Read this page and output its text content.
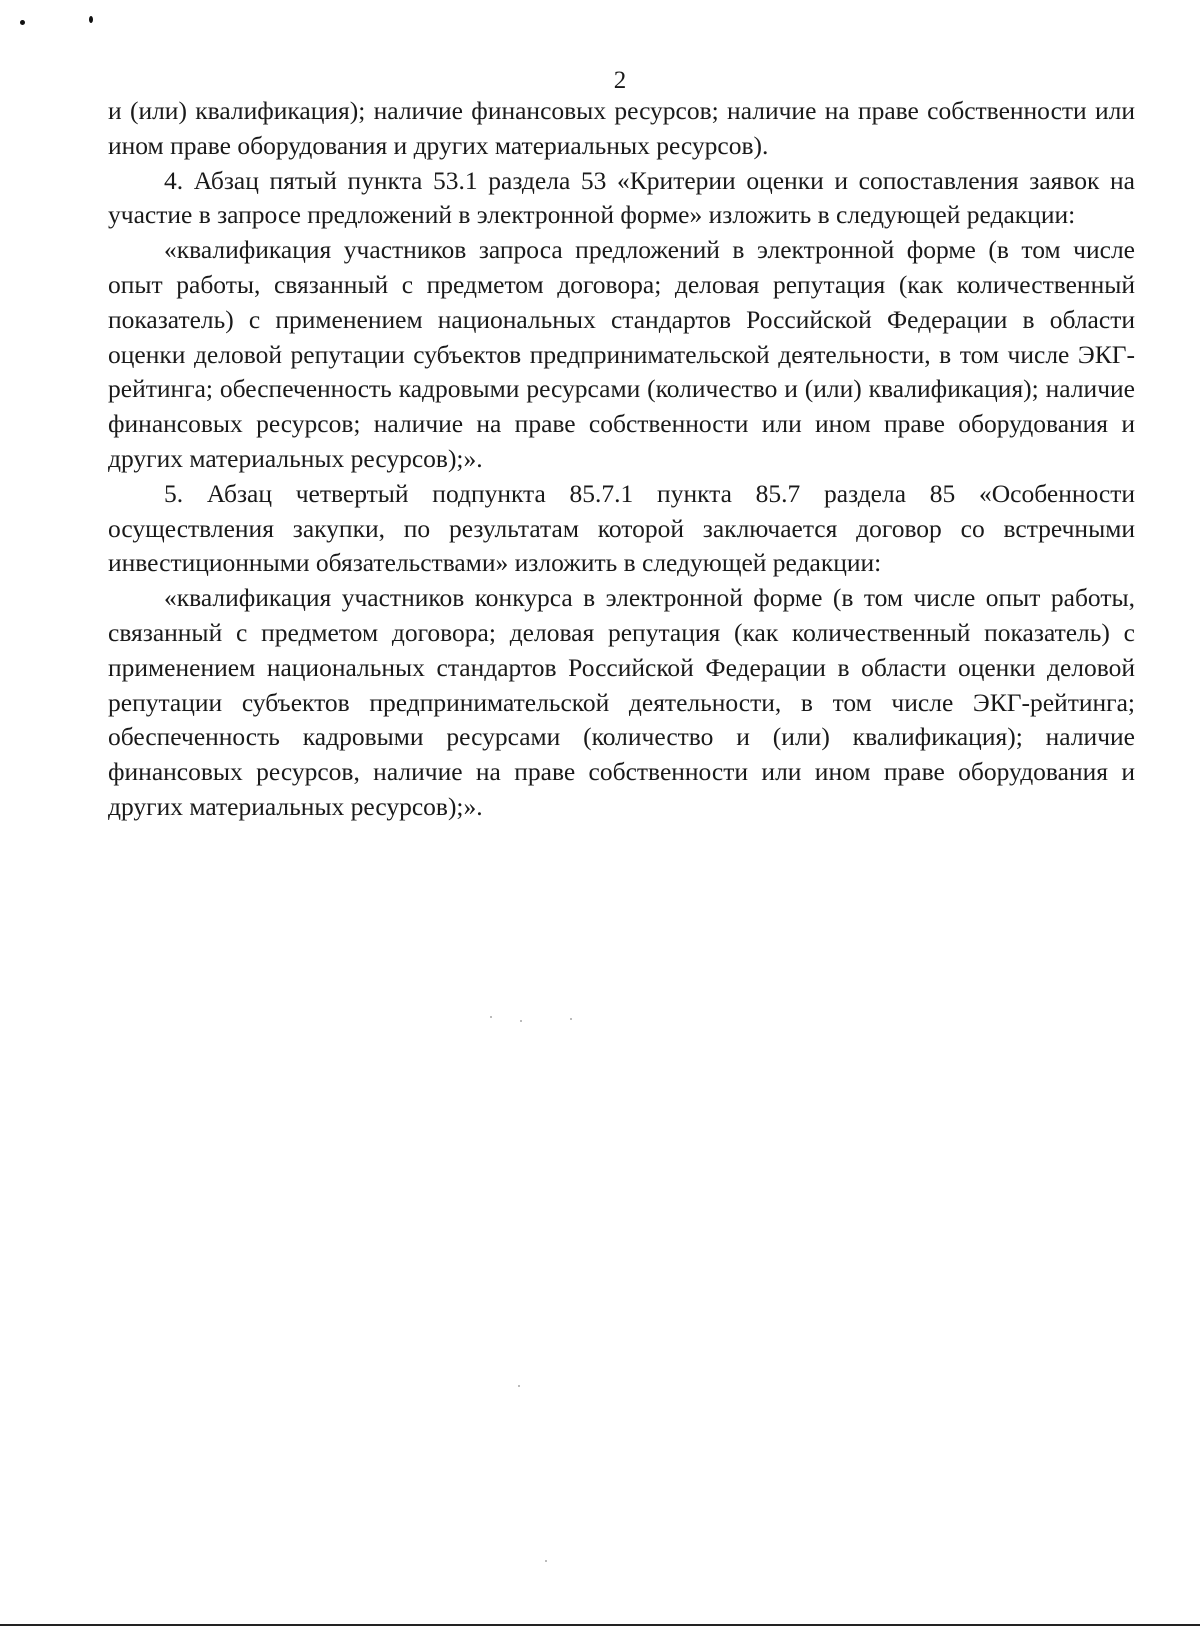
2

и (или) квалификация); наличие финансовых ресурсов; наличие на праве собственности или ином праве оборудования и других материальных ресурсов).

4. Абзац пятый пункта 53.1 раздела 53 «Критерии оценки и сопоставления заявок на участие в запросе предложений в электронной форме» изложить в следующей редакции:

«квалификация участников запроса предложений в электронной форме (в том числе опыт работы, связанный с предметом договора; деловая репутация (как количественный показатель) с применением национальных стандартов Российской Федерации в области оценки деловой репутации субъектов предпринимательской деятельности, в том числе ЭКГ-рейтинга; обеспеченность кадровыми ресурсами (количество и (или) квалификация); наличие финансовых ресурсов; наличие на праве собственности или ином праве оборудования и других материальных ресурсов);».

5. Абзац четвертый подпункта 85.7.1 пункта 85.7 раздела 85 «Особенности осуществления закупки, по результатам которой заключается договор со встречными инвестиционными обязательствами» изложить в следующей редакции:

«квалификация участников конкурса в электронной форме (в том числе опыт работы, связанный с предметом договора; деловая репутация (как количественный показатель) с применением национальных стандартов Российской Федерации в области оценки деловой репутации субъектов предпринимательской деятельности, в том числе ЭКГ-рейтинга; обеспеченность кадровыми ресурсами (количество и (или) квалификация); наличие финансовых ресурсов, наличие на праве собственности или ином праве оборудования и других материальных ресурсов);».
